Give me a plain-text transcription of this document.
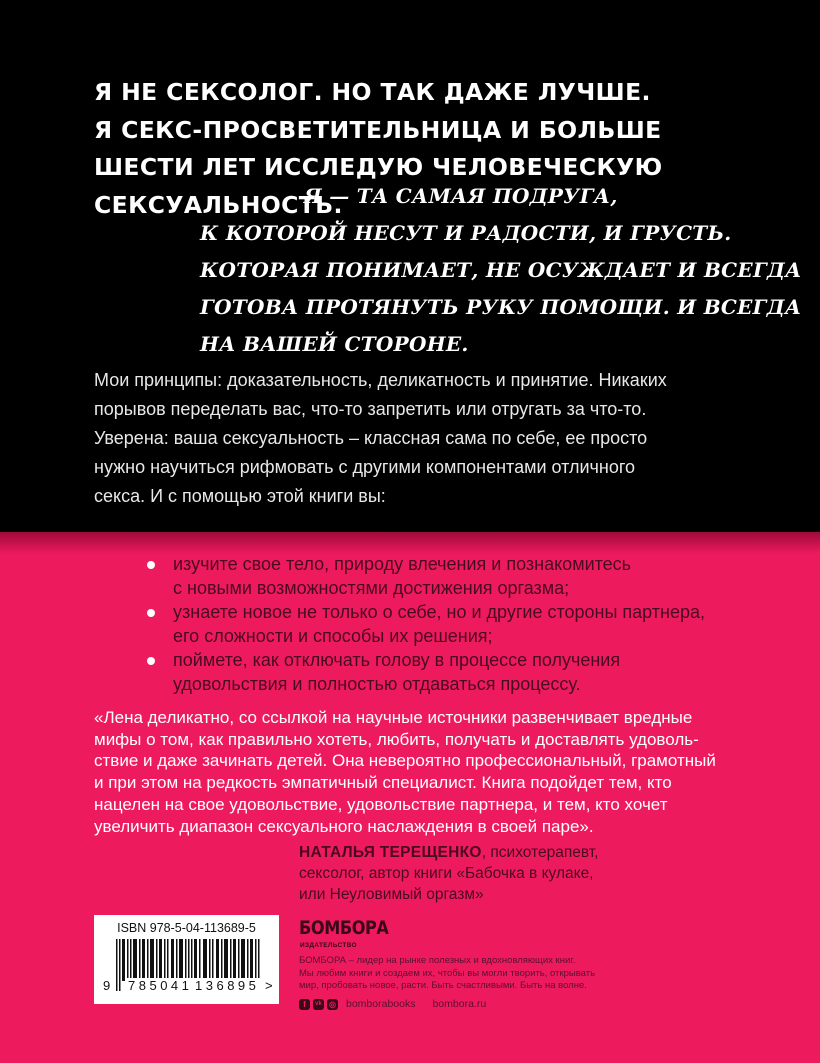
Я НЕ СЕКСОЛОГ. НО ТАК ДАЖЕ ЛУЧШЕ.
Я СЕКС-ПРОСВЕТИТЕЛЬНИЦА И БОЛЬШЕ
ШЕСТИ ЛЕТ ИССЛЕДУЮ ЧЕЛОВЕЧЕСКУЮ
СЕКСУАЛЬНОСТЬ.
Я — ТА САМАЯ ПОДРУГА,
К КОТОРОЙ НЕСУТ И РАДОСТИ, И ГРУСТЬ.
КОТОРАЯ ПОНИМАЕТ, НЕ ОСУЖДАЕТ И ВСЕГДА
ГОТОВА ПРОТЯНУТЬ РУКУ ПОМОЩИ. И ВСЕГДА
НА ВАШЕЙ СТОРОНЕ.
Мои принципы: доказательность, деликатность и принятие. Никаких
порывов переделать вас, что-то запретить или отругать за что-то.
Уверена: ваша сексуальность – классная сама по себе, ее просто
нужно научиться рифмовать с другими компонентами отличного
секса. И с помощью этой книги вы:
изучите свое тело, природу влечения и познакомитесь
с новыми возможностями достижения оргазма;
узнаете новое не только о себе, но и другие стороны партнера,
его сложности и способы их решения;
поймете, как отключать голову в процессе получения
удовольствия и полностью отдаваться процессу.
«Лена деликатно, со ссылкой на научные источники развенчивает вредные
мифы о том, как правильно хотеть, любить, получать и доставлять удоволь-
ствие и даже зачинать детей. Она невероятно профессиональный, грамотный
и при этом на редкость эмпатичный специалист. Книга подойдет тем, кто
нацелен на свое удовольствие, удовольствие партнера, и тем, кто хочет
увеличить диапазон сексуального наслаждения в своей паре».
НАТАЛЬЯ ТЕРЕЩЕНКО, психотерапевт,
сексолог, автор книги «Бабочка в кулаке,
или Неуловимый оргазм»
ISBN 978-5-04-113689-5
9 785041 136895 >
БОМБОРА
ИЗДАТЕЛЬСТВО
БОМБОРА – лидер на рынке полезных и вдохновляющих книг.
Мы любим книги и создаем их, чтобы вы могли творить, открывать
мир, пробовать новое, расти. Быть счастливыми. Быть на волне.
f	vk ◎ bomborabooks bombora.ru
